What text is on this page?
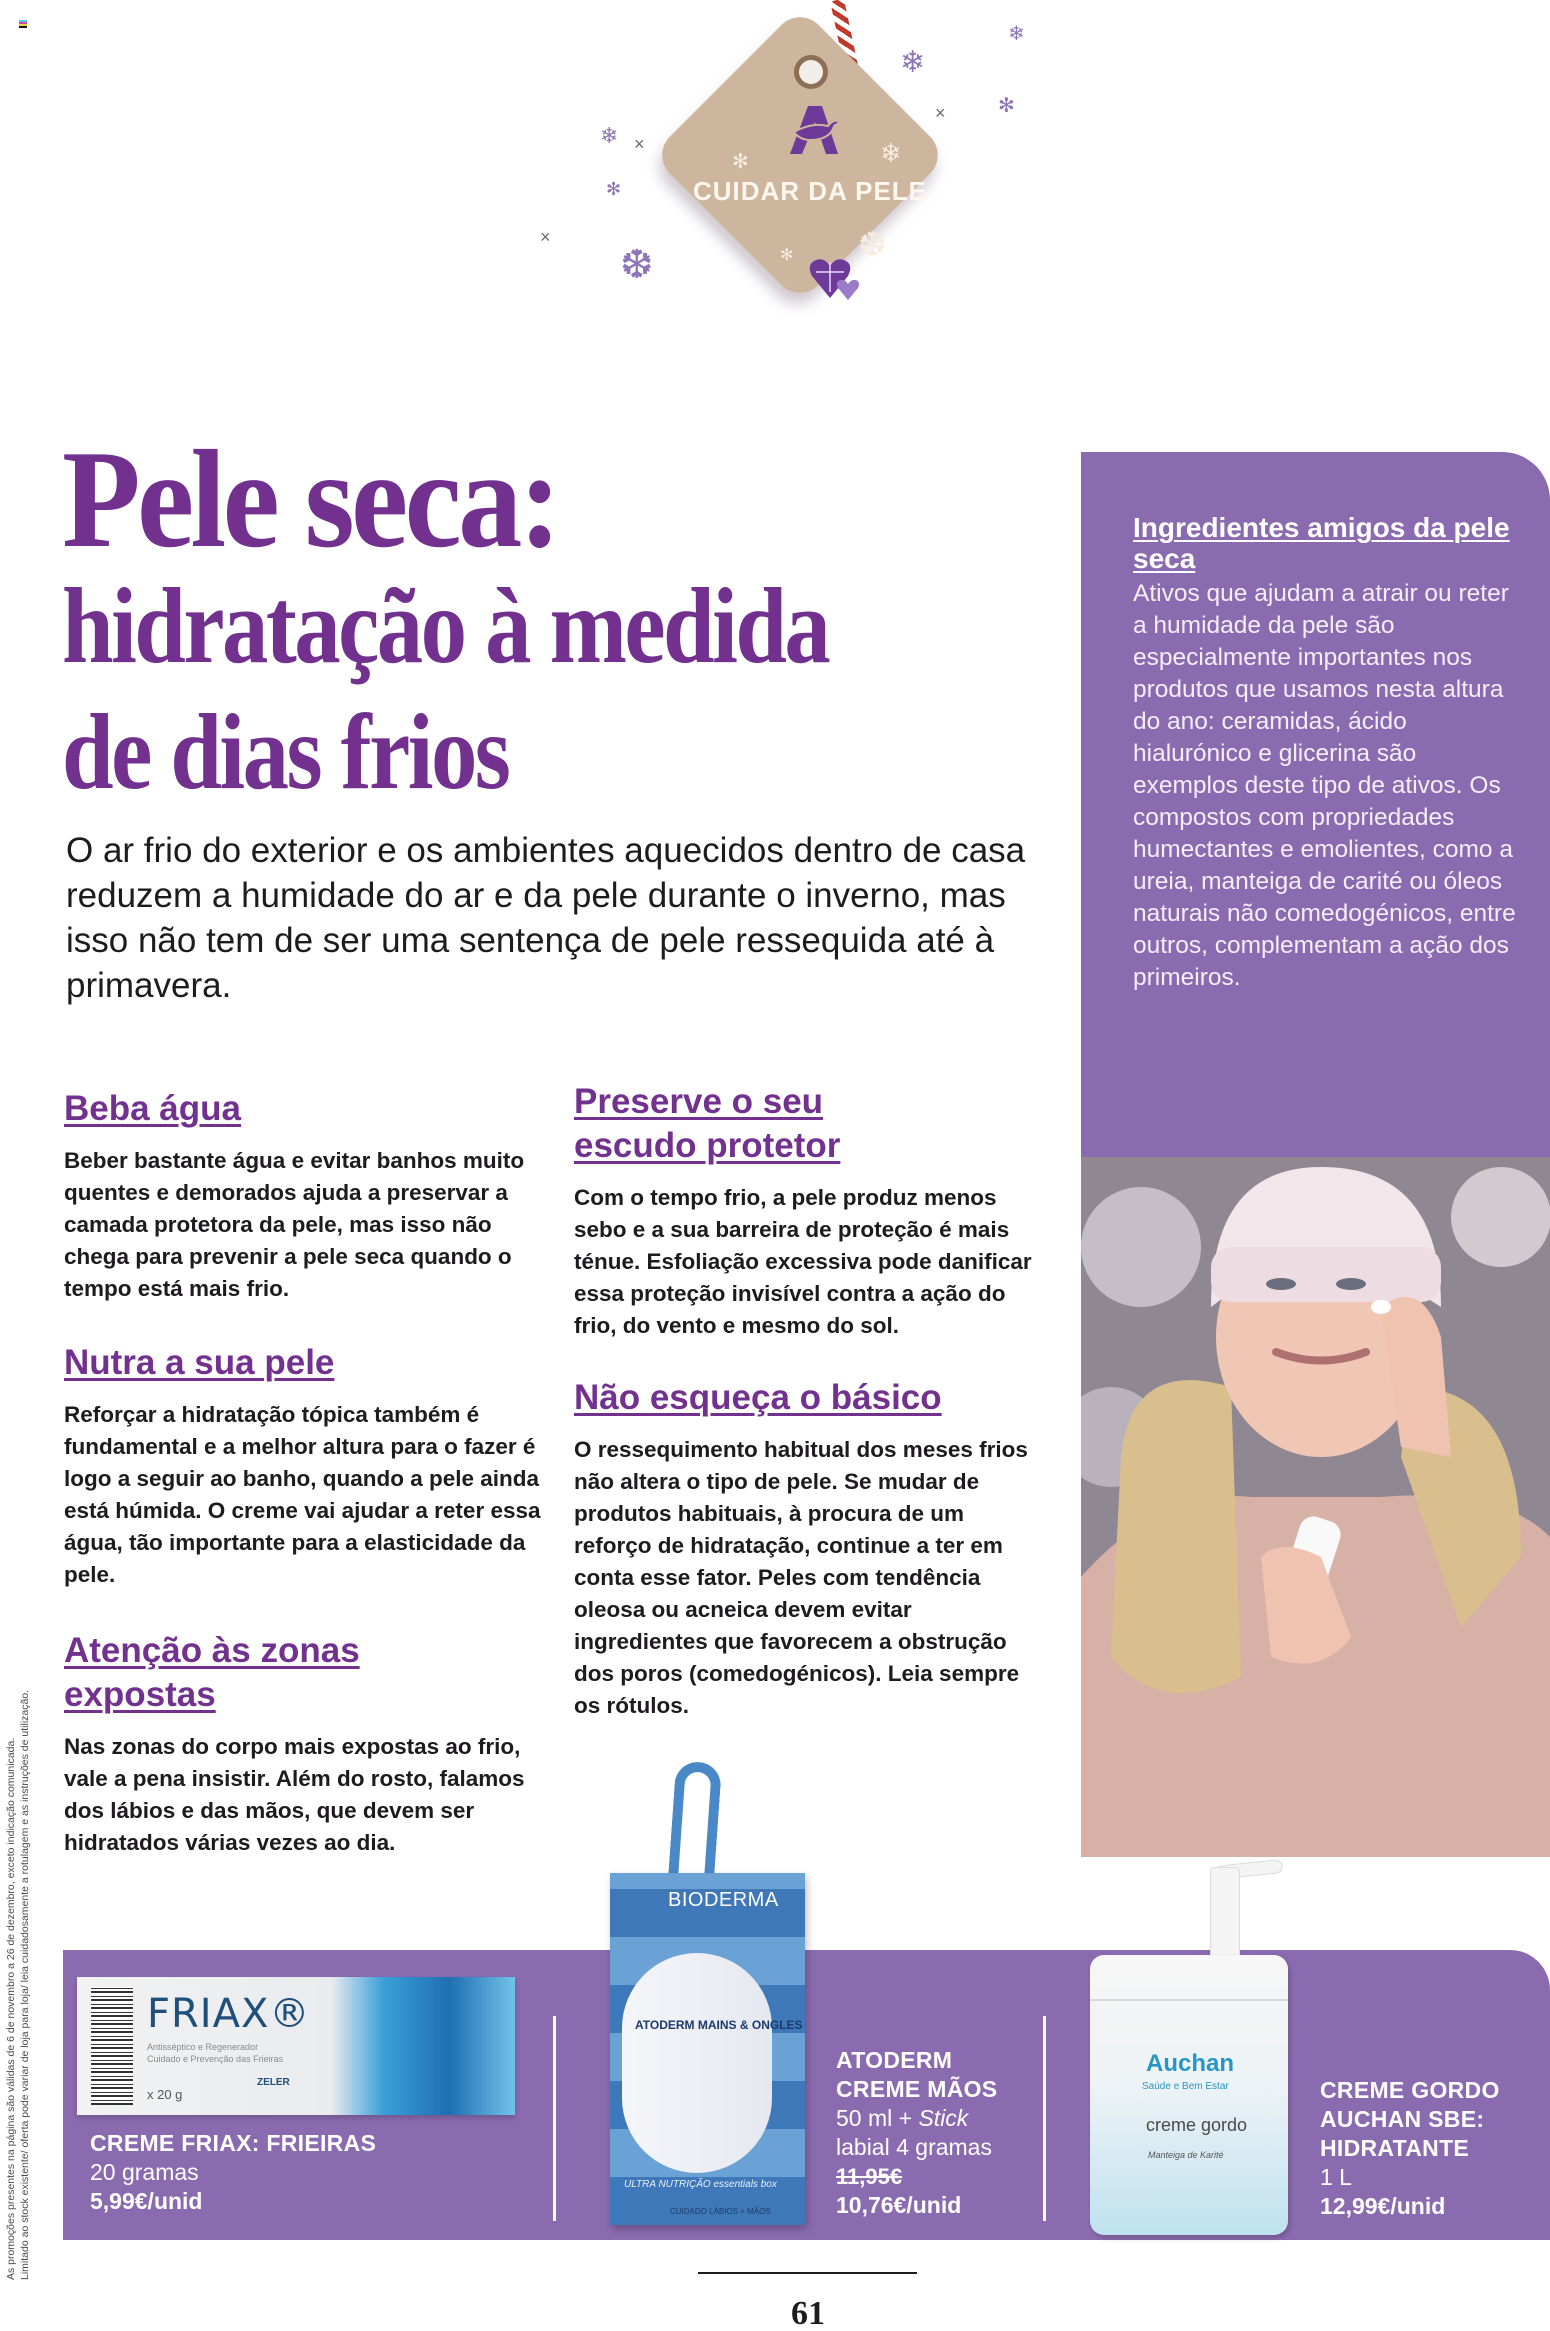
CUIDAR DA PELE
❄
✻
❆
❄
❄
✻
❄
❆
✻
✻
×
×
×
Pele seca:
hidratação à medida
de dias frios

O ar frio do exterior e os ambientes aquecidos dentro de casa reduzem a humidade do ar e da pele durante o inverno, mas isso não tem de ser uma sentença de pele ressequida até à primavera.

Beba água

Beber bastante água e evitar banhos muito quentes e demorados ajuda a preservar a camada protetora da pele, mas isso não chega para prevenir a pele seca quando o tempo está mais frio.

Nutra a sua pele

Reforçar a hidratação tópica também é fundamental e a melhor altura para o fazer é logo a seguir ao banho, quando a pele ainda está húmida. O creme vai ajudar a reter essa água, tão importante para a elasticidade da pele.

Atenção às zonas expostas

Nas zonas do corpo mais expostas ao frio, vale a pena insistir. Além do rosto, falamos dos lábios e das mãos, que devem ser hidratados várias vezes ao dia.

Preserve o seu escudo protetor

Com o tempo frio, a pele produz menos sebo e a sua barreira de proteção é mais ténue. Esfoliação excessiva pode danificar essa proteção invisível contra a ação do frio, do vento e mesmo do sol.

Não esqueça o básico

O ressequimento habitual dos meses frios não altera o tipo de pele. Se mudar de produtos habituais, à procura de um reforço de hidratação, continue a ter em conta esse fator. Peles com tendência oleosa ou acneica devem evitar ingredientes que favorecem a obstrução dos poros (comedogénicos). Leia sempre os rótulos.

Ingredientes amigos da pele seca

Ativos que ajudam a atrair ou reter a humidade da pele são especialmente importantes nos produtos que usamos nesta altura do ano: ceramidas, ácido hialurónico e glicerina são exemplos deste tipo de ativos. Os compostos com propriedades humectantes e emolientes, como a ureia, manteiga de carité ou óleos naturais não comedogénicos, entre outros, complementam a ação dos primeiros.

FRIAX®
Antisséptico e Regenerador
Cuidado e Prevenção das Frieiras
x 20 g
ZELER
CREME FRIAX: FRIEIRAS
20 gramas
5,99€/unid
BIODERMA
ATODERM MAINS & ONGLES
ULTRA NUTRIÇÃO essentials box
CUIDADO LÁBIOS + MÃOS
ATODERM
CREME MÃOS
50 ml + Stick
labial 4 gramas
11,95€
10,76€/unid
Auchan
Saúde e Bem Estar
creme gordo
Manteiga de Karité
CREME GORDO
AUCHAN SBE:
HIDRATANTE
1 L
12,99€/unid
As promoções presentes na página são válidas de 6 de novembro a 26 de dezembro, exceto indicação comunicada. Limitado ao stock existente/ oferta pode variar de loja para loja/ leia cuidadosamente a rotulagem e as instruções de utilização.
61
